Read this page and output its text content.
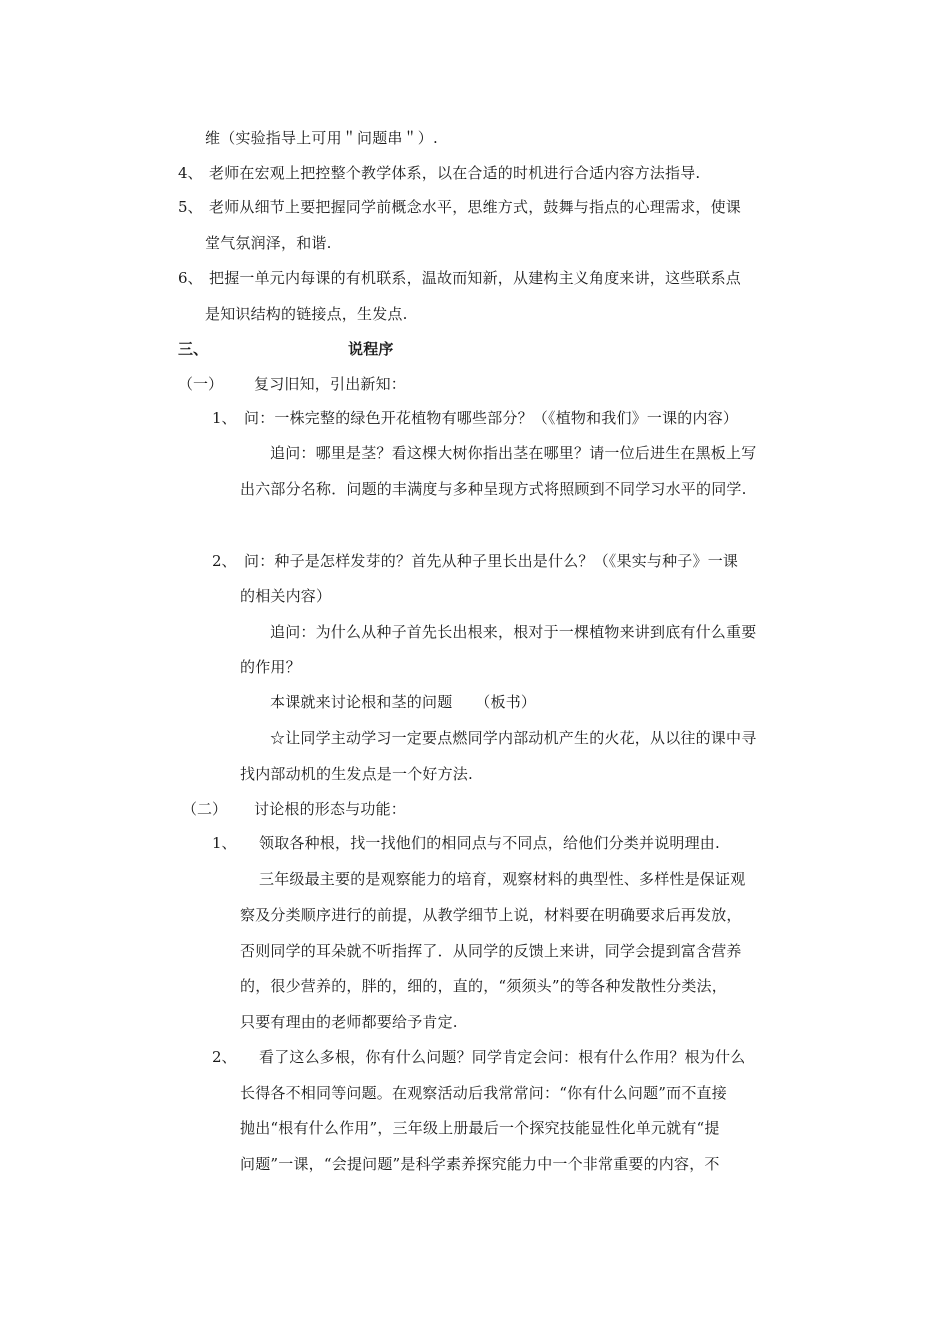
维（实验指导上可用＂问题串＂）.
4、 老师在宏观上把控整个教学体系，以在合适的时机进行合适内容方法指导.
5、 老师从细节上要把握同学前概念水平，思维方式，鼓舞与指点的心理需求，使课
堂气氛润泽，和谐.
6、 把握一单元内每课的有机联系，温故而知新，从建构主义角度来讲，这些联系点
是知识结构的链接点，生发点.
三、	说程序
（一） 复习旧知，引出新知：
1、 问：一株完整的绿色开花植物有哪些部分？（《植物和我们》一课的内容）
追问：哪里是茎？看这棵大树你指出茎在哪里？请一位后进生在黑板上写
出六部分名称．问题的丰满度与多种呈现方式将照顾到不同学习水平的同学.
2、 问：种子是怎样发芽的？首先从种子里长出是什么？（《果实与种子》一课
的相关内容）
追问：为什么从种子首先长出根来，根对于一棵植物来讲到底有什么重要
的作用？
本课就来讨论根和茎的问题　　（板书）
☆让同学主动学习一定要点燃同学内部动机产生的火花，从以往的课中寻
找内部动机的生发点是一个好方法.
（二） 讨论根的形态与功能：
1、 领取各种根，找一找他们的相同点与不同点，给他们分类并说明理由.
三年级最主要的是观察能力的培育，观察材料的典型性、多样性是保证观
察及分类顺序进行的前提，从教学细节上说，材料要在明确要求后再发放，
否则同学的耳朵就不听指挥了．从同学的反馈上来讲，同学会提到富含营养
的，很少营养的，胖的，细的，直的，“须须头”的等各种发散性分类法，
只要有理由的老师都要给予肯定.
2、 看了这么多根，你有什么问题？同学肯定会问：根有什么作用？根为什么
长得各不相同等问题。在观察活动后我常常问：“你有什么问题”而不直接
抛出“根有什么作用”，三年级上册最后一个探究技能显性化单元就有“提
问题”一课，“会提问题”是科学素养探究能力中一个非常重要的内容，不
